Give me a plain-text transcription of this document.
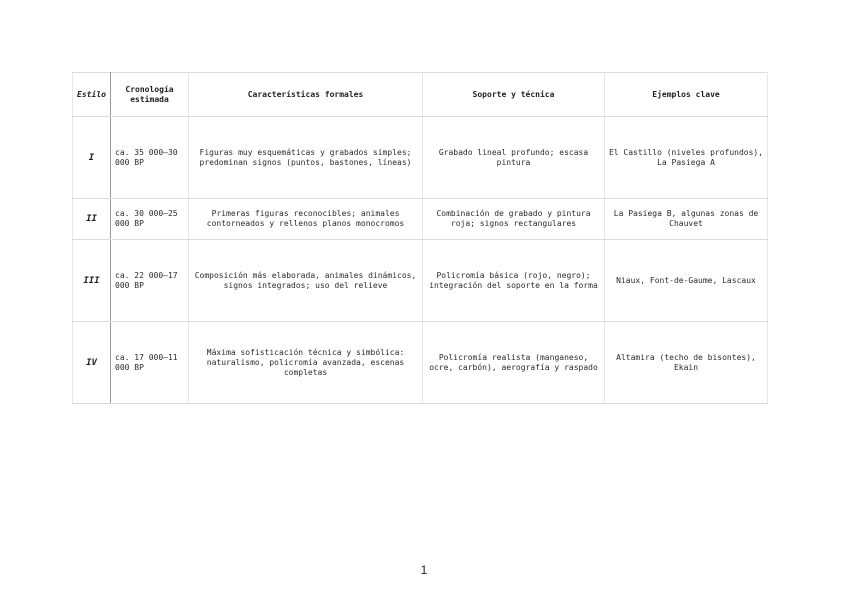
Estilo	Cronología estimada	Características formales	Soporte y técnica	Ejemplos clave
I	ca. 35 000–30 000 BP	Figuras muy esquemáticas y grabados simples; predominan signos (puntos, bastones, líneas)	Grabado lineal profundo; escasa pintura	El Castillo (niveles profundos), La Pasiega A
II	ca. 30 000–25 000 BP	Primeras figuras reconocibles; animales contorneados y rellenos planos monocromos	Combinación de grabado y pintura roja; signos rectangulares	La Pasiega B, algunas zonas de Chauvet
III	ca. 22 000–17 000 BP	Composición más elaborada, animales dinámicos, signos integrados; uso del relieve	Policromía básica (rojo, negro); integración del soporte en la forma	Niaux, Font-de-Gaume, Lascaux
IV	ca. 17 000–11 000 BP	Máxima sofisticación técnica y simbólica: naturalismo, policromía avanzada, escenas completas	Policromía realista (manganeso, ocre, carbón), aerografía y raspado	Altamira (techo de bisontes), Ekain
1
